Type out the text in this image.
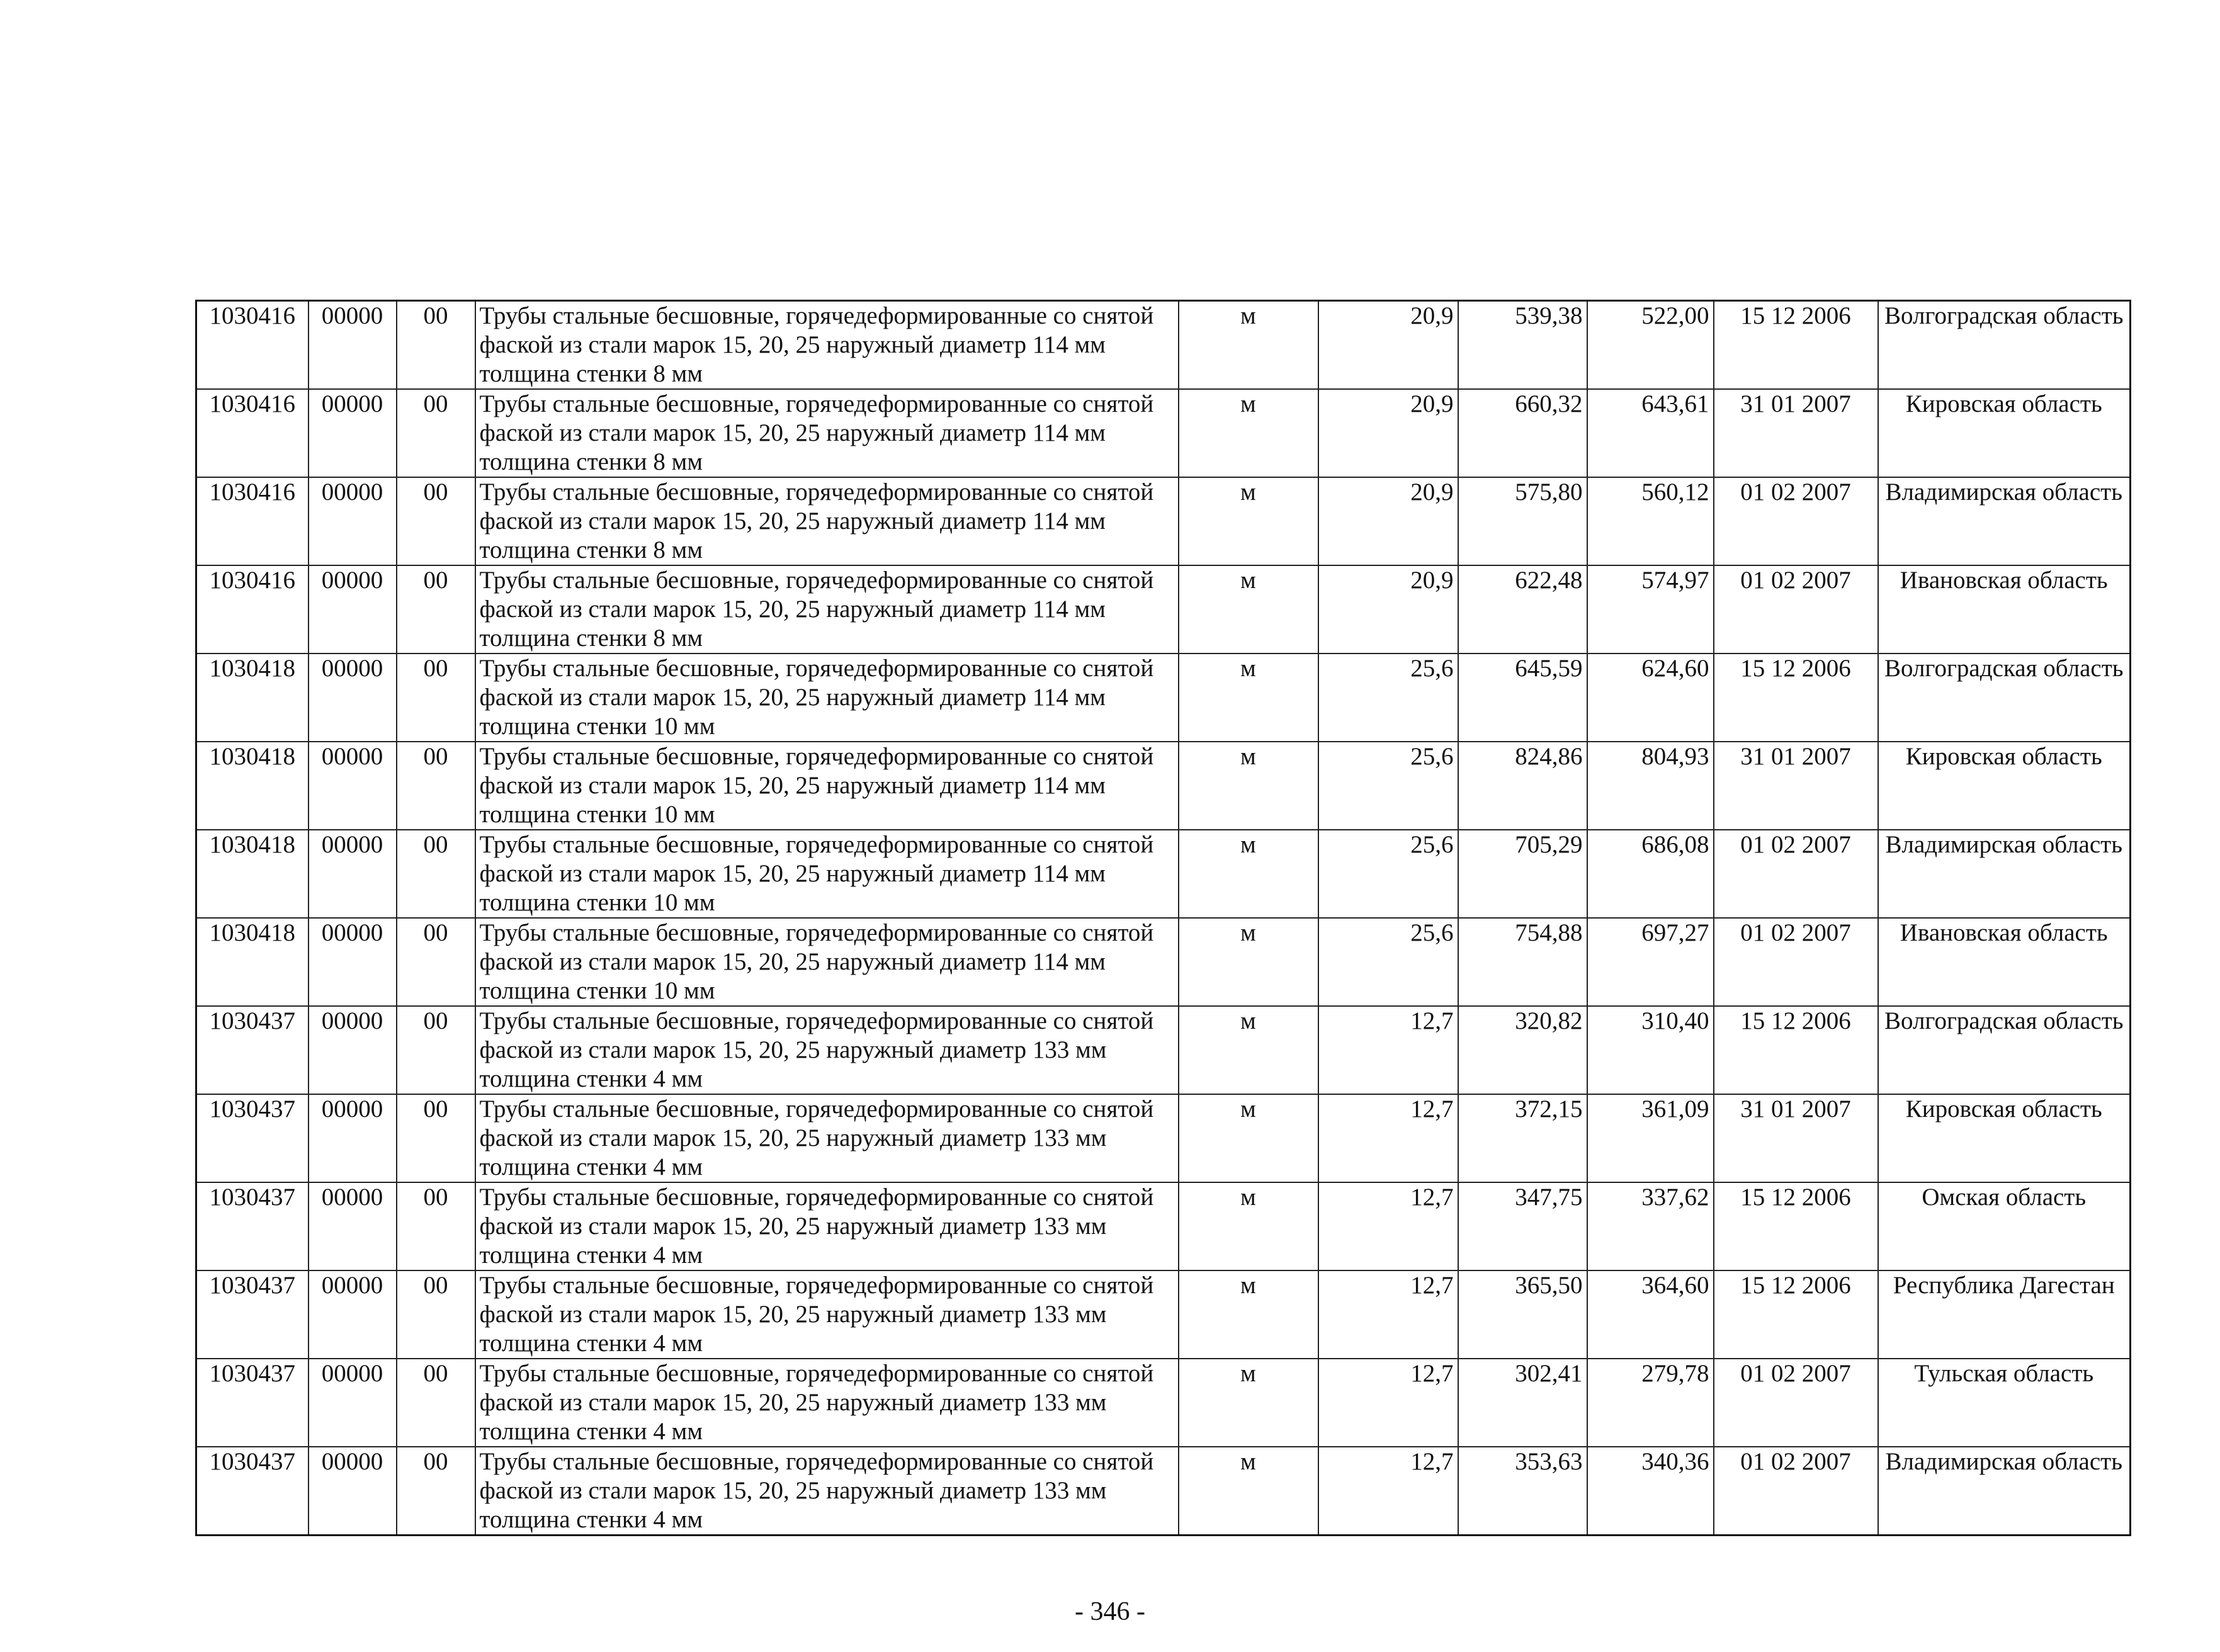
1030416	00000	00	Трубы стальные бесшовные, горячедеформированные со снятой фаской из стали марок 15, 20, 25 наружный диаметр 114 мм толщина стенки 8 мм	м	20,9	539,38	522,00	15 12 2006	Волгоградская область
1030416	00000	00	Трубы стальные бесшовные, горячедеформированные со снятой фаской из стали марок 15, 20, 25 наружный диаметр 114 мм толщина стенки 8 мм	м	20,9	660,32	643,61	31 01 2007	Кировская область
1030416	00000	00	Трубы стальные бесшовные, горячедеформированные со снятой фаской из стали марок 15, 20, 25 наружный диаметр 114 мм толщина стенки 8 мм	м	20,9	575,80	560,12	01 02 2007	Владимирская область
1030416	00000	00	Трубы стальные бесшовные, горячедеформированные со снятой фаской из стали марок 15, 20, 25 наружный диаметр 114 мм толщина стенки 8 мм	м	20,9	622,48	574,97	01 02 2007	Ивановская область
1030418	00000	00	Трубы стальные бесшовные, горячедеформированные со снятой фаской из стали марок 15, 20, 25 наружный диаметр 114 мм толщина стенки 10 мм	м	25,6	645,59	624,60	15 12 2006	Волгоградская область
1030418	00000	00	Трубы стальные бесшовные, горячедеформированные со снятой фаской из стали марок 15, 20, 25 наружный диаметр 114 мм толщина стенки 10 мм	м	25,6	824,86	804,93	31 01 2007	Кировская область
1030418	00000	00	Трубы стальные бесшовные, горячедеформированные со снятой фаской из стали марок 15, 20, 25 наружный диаметр 114 мм толщина стенки 10 мм	м	25,6	705,29	686,08	01 02 2007	Владимирская область
1030418	00000	00	Трубы стальные бесшовные, горячедеформированные со снятой фаской из стали марок 15, 20, 25 наружный диаметр 114 мм толщина стенки 10 мм	м	25,6	754,88	697,27	01 02 2007	Ивановская область
1030437	00000	00	Трубы стальные бесшовные, горячедеформированные со снятой фаской из стали марок 15, 20, 25 наружный диаметр 133 мм толщина стенки 4 мм	м	12,7	320,82	310,40	15 12 2006	Волгоградская область
1030437	00000	00	Трубы стальные бесшовные, горячедеформированные со снятой фаской из стали марок 15, 20, 25 наружный диаметр 133 мм толщина стенки 4 мм	м	12,7	372,15	361,09	31 01 2007	Кировская область
1030437	00000	00	Трубы стальные бесшовные, горячедеформированные со снятой фаской из стали марок 15, 20, 25 наружный диаметр 133 мм толщина стенки 4 мм	м	12,7	347,75	337,62	15 12 2006	Омская область
1030437	00000	00	Трубы стальные бесшовные, горячедеформированные со снятой фаской из стали марок 15, 20, 25 наружный диаметр 133 мм толщина стенки 4 мм	м	12,7	365,50	364,60	15 12 2006	Республика Дагестан
1030437	00000	00	Трубы стальные бесшовные, горячедеформированные со снятой фаской из стали марок 15, 20, 25 наружный диаметр 133 мм толщина стенки 4 мм	м	12,7	302,41	279,78	01 02 2007	Тульская область
1030437	00000	00	Трубы стальные бесшовные, горячедеформированные со снятой фаской из стали марок 15, 20, 25 наружный диаметр 133 мм толщина стенки 4 мм	м	12,7	353,63	340,36	01 02 2007	Владимирская область
- 346 -
